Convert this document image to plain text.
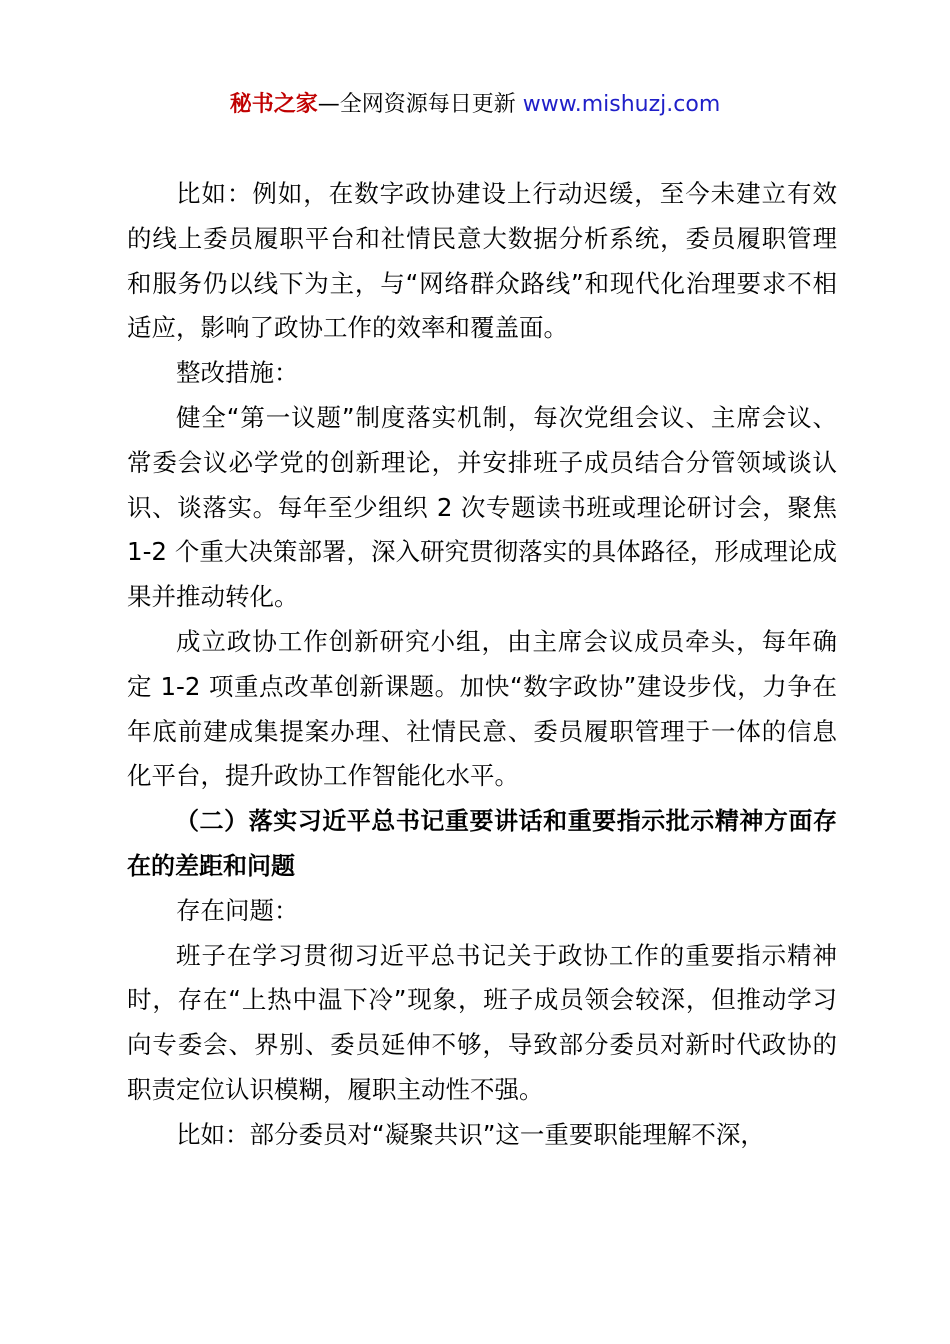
秘书之家—全网资源每日更新 www.mishuzj.com

比如：例如，在数字政协建设上行动迟缓，至今未建立有效的线上委员履职平台和社情民意大数据分析系统，委员履职管理和服务仍以线下为主，与“网络群众路线”和现代化治理要求不相适应，影响了政协工作的效率和覆盖面。

整改措施：

健全“第一议题”制度落实机制，每次党组会议、主席会议、常委会议必学党的创新理论，并安排班子成员结合分管领域谈认识、谈落实。每年至少组织 2 次专题读书班或理论研讨会，聚焦 1-2 个重大决策部署，深入研究贯彻落实的具体路径，形成理论成果并推动转化。

成立政协工作创新研究小组，由主席会议成员牵头，每年确定 1-2 项重点改革创新课题。加快“数字政协”建设步伐，力争在年底前建成集提案办理、社情民意、委员履职管理于一体的信息化平台，提升政协工作智能化水平。

（二）落实习近平总书记重要讲话和重要指示批示精神方面存在的差距和问题

存在问题：

班子在学习贯彻习近平总书记关于政协工作的重要指示精神时，存在“上热中温下冷”现象，班子成员领会较深，但推动学习向专委会、界别、委员延伸不够，导致部分委员对新时代政协的职责定位认识模糊，履职主动性不强。

比如：部分委员对“凝聚共识”这一重要职能理解不深，
